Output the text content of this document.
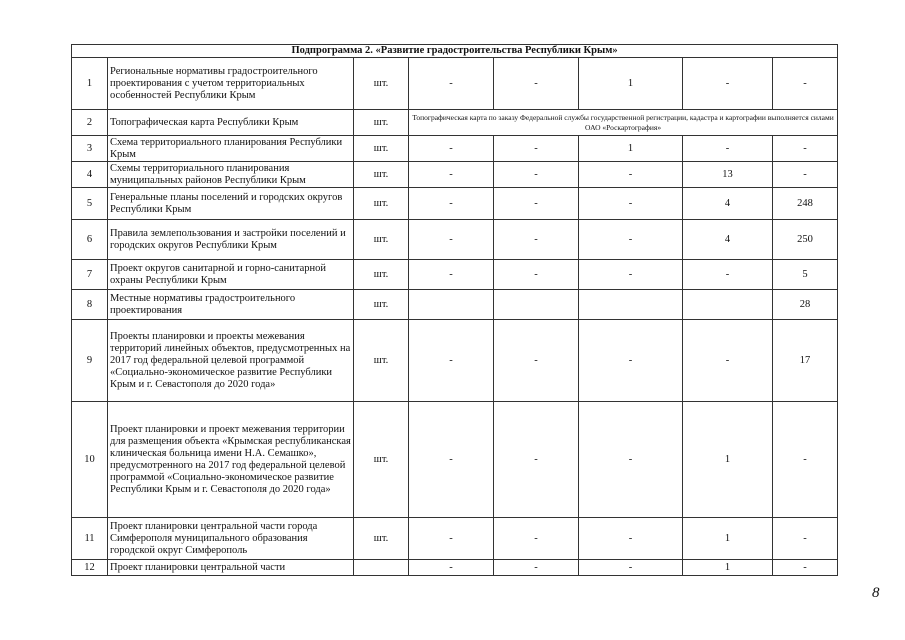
Подпрограмма 2. «Развитие градостроительства Республики Крым»							
1	Региональные нормативы градостроительного проектирования с учетом территориальных особенностей Республики Крым	шт.	-	-	1	-	-
2	Топографическая карта Республики Крым	шт.	Топографическая карта по заказу Федеральной службы государственной регистрации, кадастра и картографии выполняется силами ОАО «Роскартография»				
3	Схема территориального планирования Республики Крым	шт.	-	-	1	-	-
4	Схемы территориального планирования муниципальных районов Республики Крым	шт.	-	-	-	13	-
5	Генеральные планы поселений и городских округов Республики Крым	шт.	-	-	-	4	248
6	Правила землепользования и застройки поселений и городских округов Республики Крым	шт.	-	-	-	4	250
7	Проект округов санитарной и горно-санитарной охраны Республики Крым	шт.	-	-	-	-	5
8	Местные нормативы градостроительного проектирования	шт.					28
9	Проекты планировки и проекты межевания территорий линейных объектов, предусмотренных на 2017 год федеральной целевой программой «Социально-экономическое развитие Республики Крым и г. Севастополя до 2020 года»	шт.	-	-	-	-	17
10	Проект планировки и проект межевания территории для размещения объекта «Крымская республиканская клиническая больница имени Н.А. Семашко», предусмотренного на 2017 год федеральной целевой программой «Социально-экономическое развитие Республики Крым и г. Севастополя до 2020 года»	шт.	-	-	-	1	-
11	Проект планировки центральной части города Симферополя муниципального образования городской округ Симферополь	шт.	-	-	-	1	-
12	Проект планировки центральной части		-	-	-	1	-
8
